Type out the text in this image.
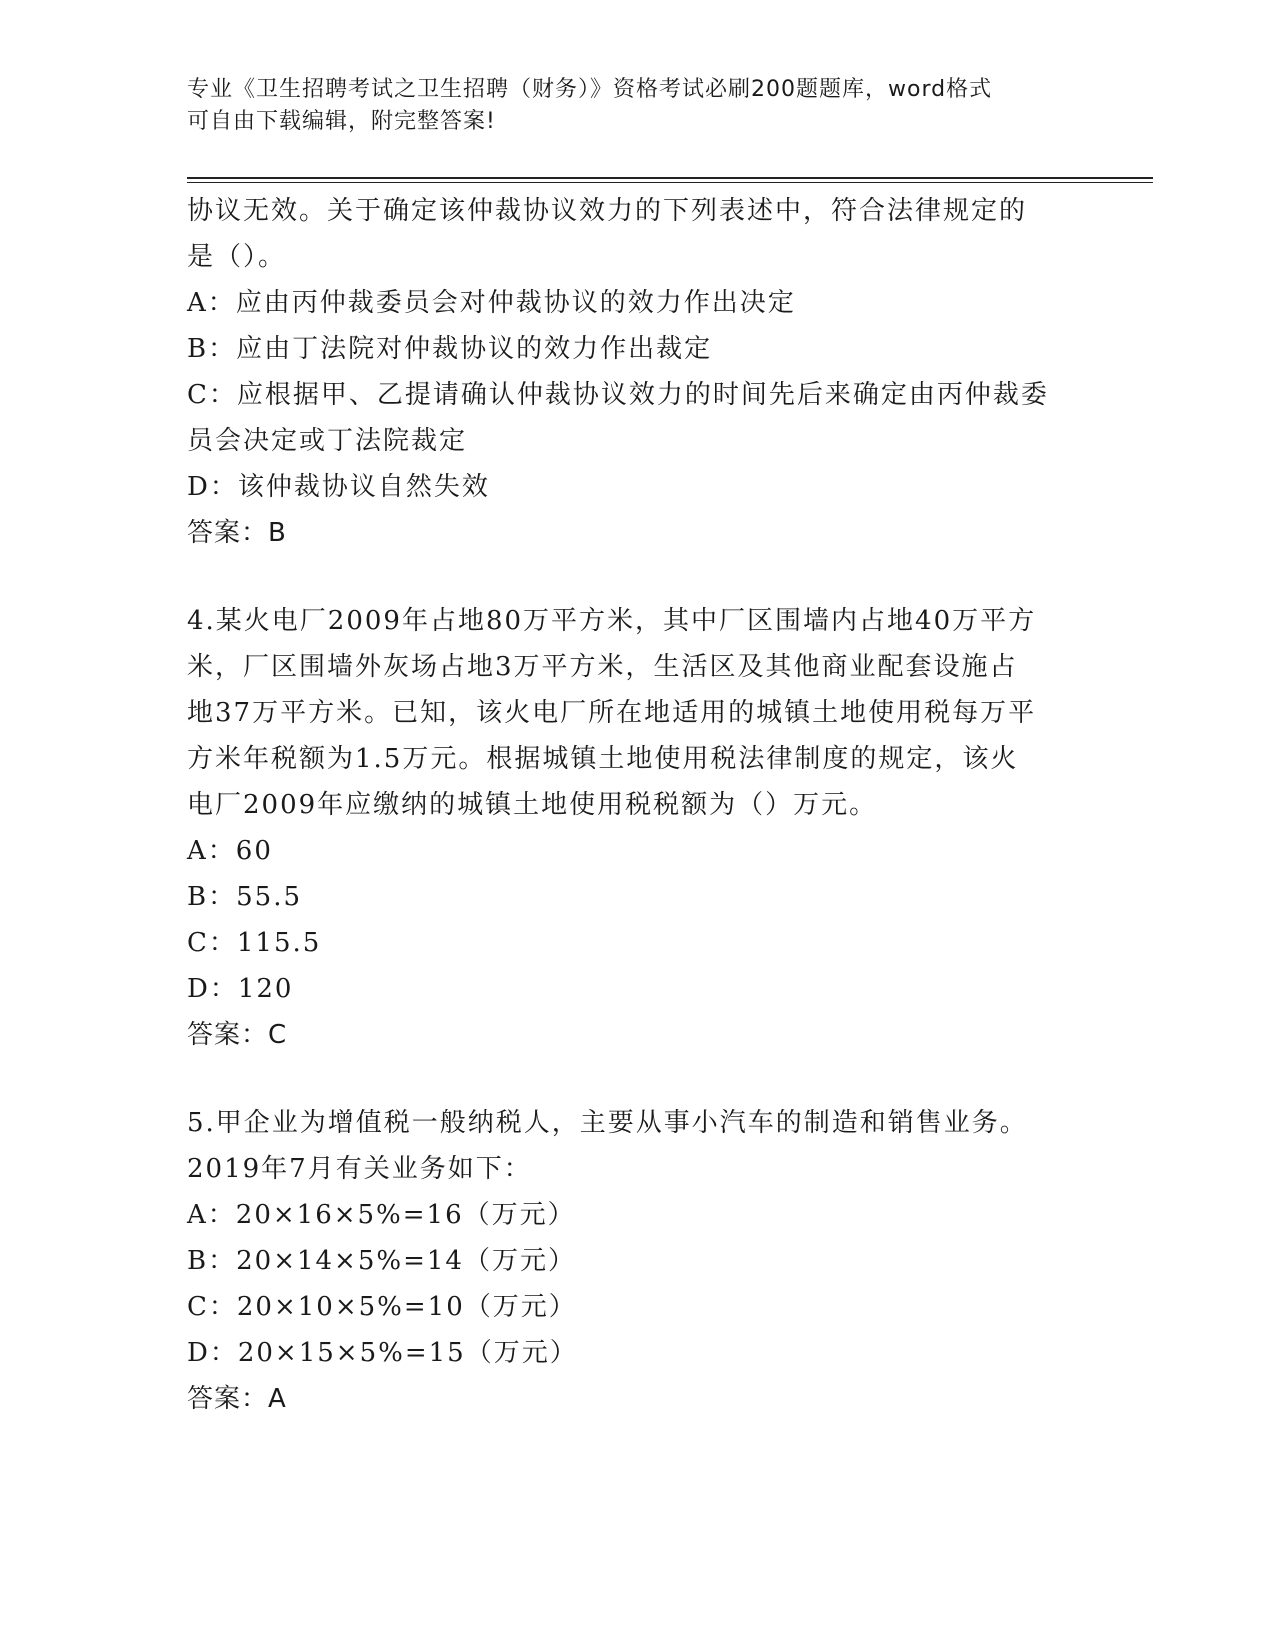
专业《卫生招聘考试之卫生招聘（财务）》资格考试必刷200题题库，word格式
可自由下载编辑，附完整答案!
协议无效。关于确定该仲裁协议效力的下列表述中，符合法律规定的
是（）。
A：应由丙仲裁委员会对仲裁协议的效力作出决定
B：应由丁法院对仲裁协议的效力作出裁定
C：应根据甲、乙提请确认仲裁协议效力的时间先后来确定由丙仲裁委
员会决定或丁法院裁定
D：该仲裁协议自然失效
答案：B
4.某火电厂2009年占地80万平方米，其中厂区围墙内占地40万平方
米，厂区围墙外灰场占地3万平方米，生活区及其他商业配套设施占
地37万平方米。已知，该火电厂所在地适用的城镇土地使用税每万平
方米年税额为1.5万元。根据城镇土地使用税法律制度的规定，该火
电厂2009年应缴纳的城镇土地使用税税额为（）万元。
A：60
B：55.5
C：115.5
D：120
答案：C
5.甲企业为增值税一般纳税人，主要从事小汽车的制造和销售业务。
2019年7月有关业务如下：
A：20×16×5%=16（万元）
B：20×14×5%=14（万元）
C：20×10×5%=10（万元）
D：20×15×5%=15（万元）
答案：A
